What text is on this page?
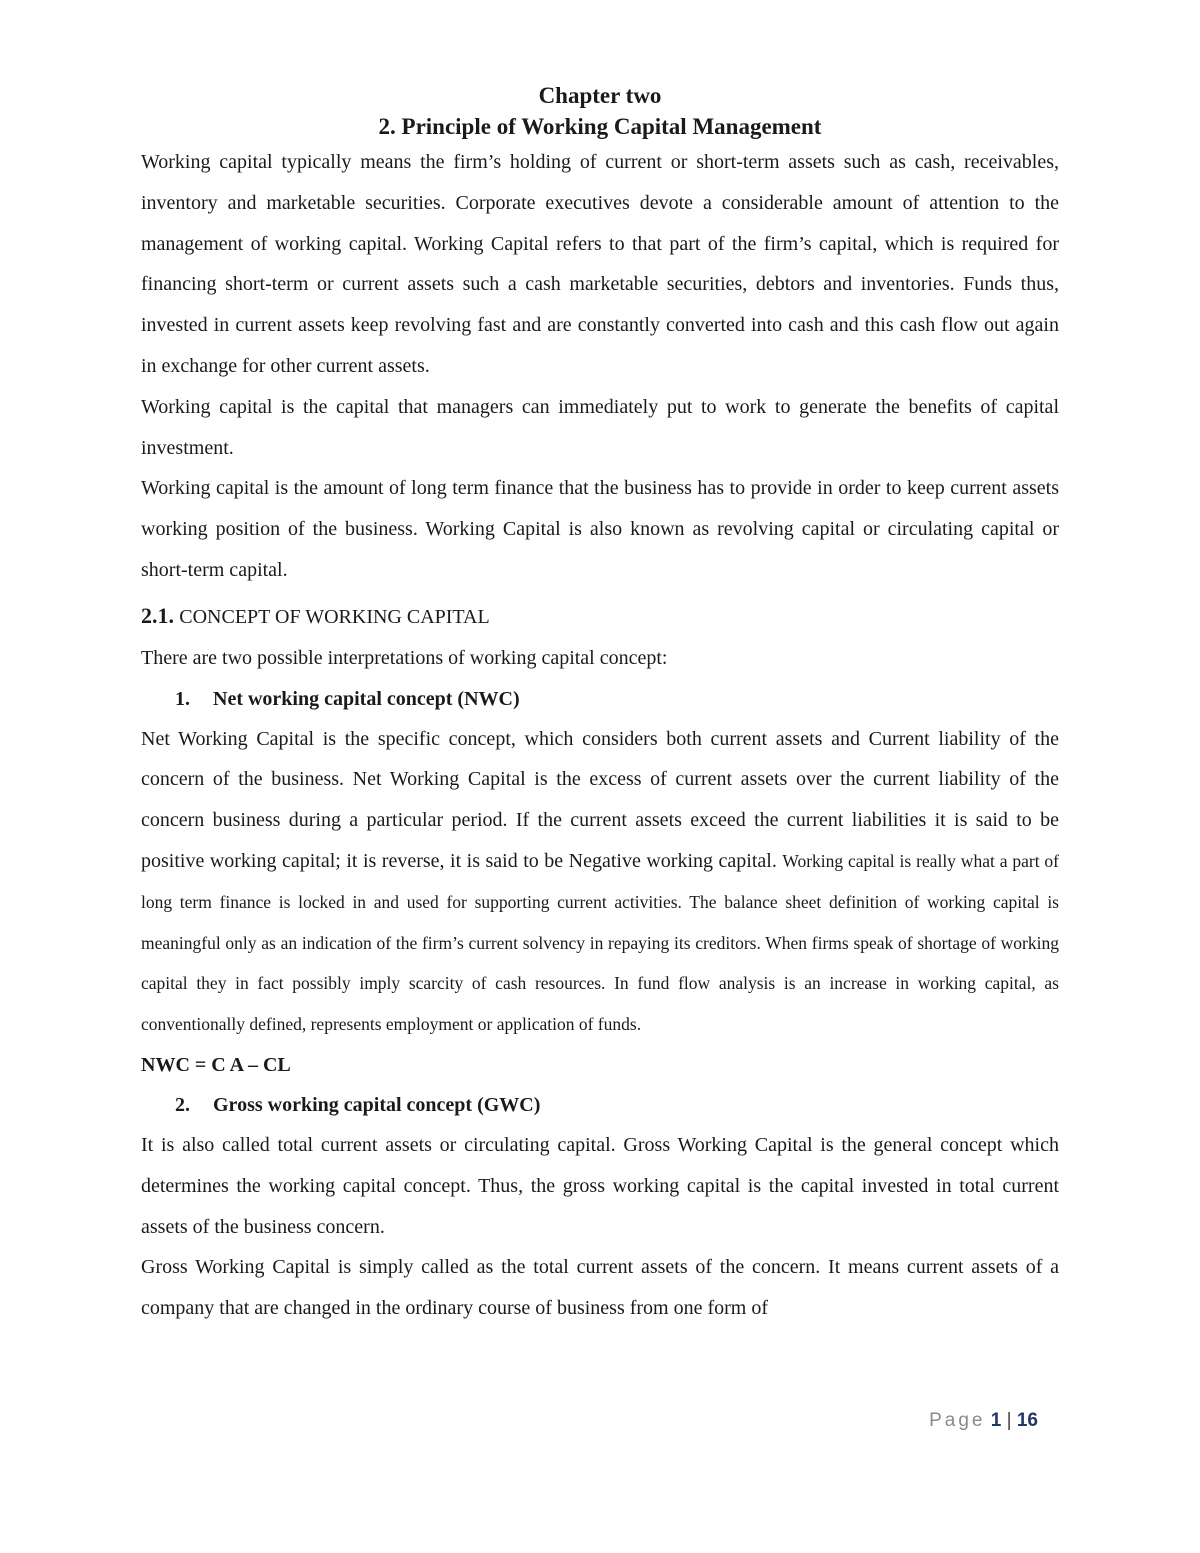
Chapter two
2. Principle of Working Capital Management

Working capital typically means the firm’s holding of current or short-term assets such as cash, receivables, inventory and marketable securities. Corporate executives devote a considerable amount of attention to the management of working capital. Working Capital refers to that part of the firm’s capital, which is required for financing short-term or current assets such a cash marketable securities, debtors and inventories. Funds thus, invested in current assets keep revolving fast and are constantly converted into cash and this cash flow out again in exchange for other current assets.

Working capital is the capital that managers can immediately put to work to generate the benefits of capital investment.

Working capital is the amount of long term finance that the business has to provide in order to keep current assets working position of the business. Working Capital is also known as revolving capital or circulating capital or short-term capital.

2.1. CONCEPT OF WORKING CAPITAL

There are two possible interpretations of working capital concept:

1. Net working capital concept (NWC)

Net Working Capital is the specific concept, which considers both current assets and Current liability of the concern of the business. Net Working Capital is the excess of current assets over the current liability of the concern business during a particular period. If the current assets exceed the current liabilities it is said to be positive working capital; it is reverse, it is said to be Negative working capital. Working capital is really what a part of long term finance is locked in and used for supporting current activities. The balance sheet definition of working capital is meaningful only as an indication of the firm’s current solvency in repaying its creditors. When firms speak of shortage of working capital they in fact possibly imply scarcity of cash resources. In fund flow analysis is an increase in working capital, as conventionally defined, represents employment or application of funds.

NWC = C A – CL
2. Gross working capital concept (GWC)

It is also called total current assets or circulating capital. Gross Working Capital is the general concept which determines the working capital concept. Thus, the gross working capital is the capital invested in total current assets of the business concern.

Gross Working Capital is simply called as the total current assets of the concern. It means current assets of a company that are changed in the ordinary course of business from one form of

Page 1 | 16
